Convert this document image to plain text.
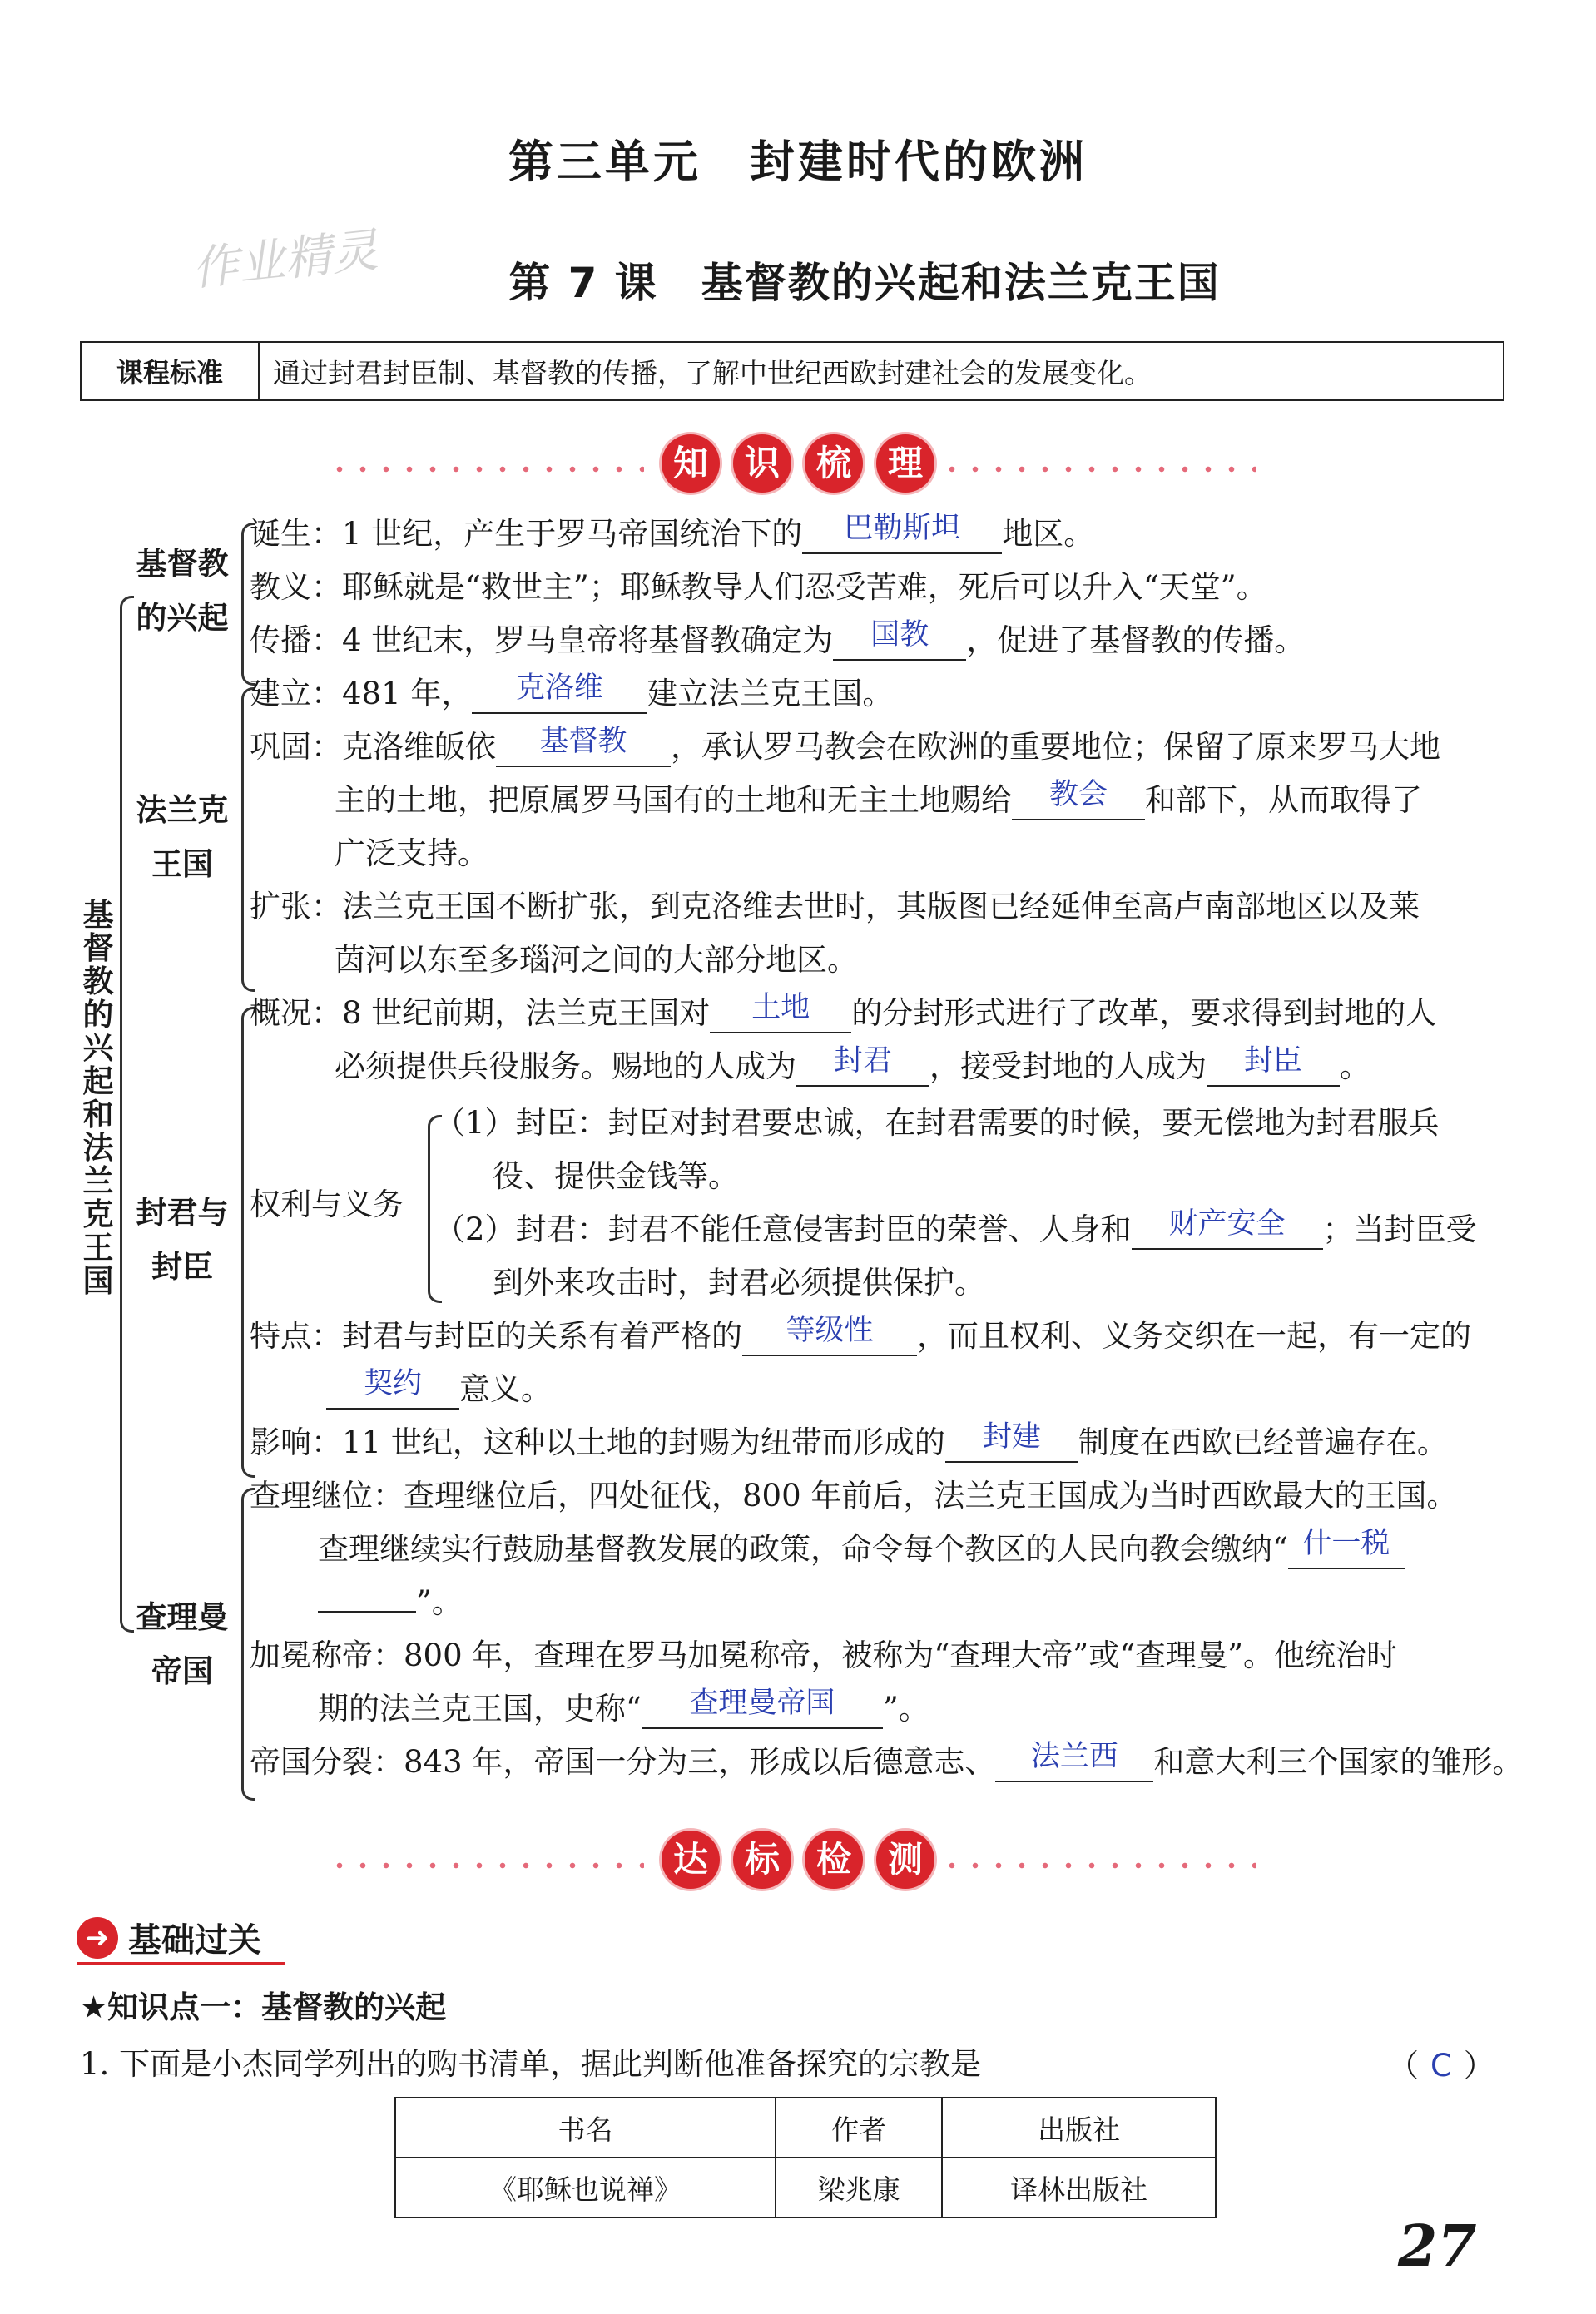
第三单元　封建时代的欧洲
作业精灵	第 7 课　基督教的兴起和法兰克王国
课程标准	通过封君封臣制、基督教的传播，了解中世纪西欧封建社会的发展变化。
知 识 梳 理
基督教的兴起和法兰克王国
基督教的兴起
法兰克王国
封君与封臣
查理曼帝国
诞生：1 世纪，产生于罗马帝国统治下的 巴勒斯坦 地区。
教义：耶稣就是“救世主”；耶稣教导人们忍受苦难，死后可以升入“天堂”。
传播：4 世纪末，罗马皇帝将基督教确定为 国教 ，促进了基督教的传播。
建立：481 年， 克洛维 建立法兰克王国。
巩固：克洛维皈依 基督教 ，承认罗马教会在欧洲的重要地位；保留了原来罗马大地
主的土地，把原属罗马国有的土地和无主土地赐给 教会 和部下，从而取得了
广泛支持。
扩张：法兰克王国不断扩张，到克洛维去世时，其版图已经延伸至高卢南部地区以及莱
茵河以东至多瑙河之间的大部分地区。
概况：8 世纪前期，法兰克王国对 土地 的分封形式进行了改革，要求得到封地的人
必须提供兵役服务。赐地的人成为 封君 ，接受封地的人成为 封臣 。
权利与义务
（1）封臣：封臣对封君要忠诚，在封君需要的时候，要无偿地为封君服兵
役、提供金钱等。
（2）封君：封君不能任意侵害封臣的荣誉、人身和 财产安全 ；当封臣受
到外来攻击时，封君必须提供保护。
特点：封君与封臣的关系有着严格的 等级性 ，而且权利、义务交织在一起，有一定的
契约 意义。
影响：11 世纪，这种以土地的封赐为纽带而形成的 封建 制度在西欧已经普遍存在。
查理继位：查理继位后，四处征伐，800 年前后，法兰克王国成为当时西欧最大的王国。
查理继续实行鼓励基督教发展的政策，命令每个教区的人民向教会缴纳“ 什一税
”。
加冕称帝：800 年，查理在罗马加冕称帝，被称为“查理大帝”或“查理曼”。他统治时
期的法兰克王国，史称“ 查理曼帝国 ”。
帝国分裂：843 年，帝国一分为三，形成以后德意志、 法兰西 和意大利三个国家的雏形。
达 标 检 测
➜ 基础过关
★知识点一：基督教的兴起
1. 下面是小杰同学列出的购书清单，据此判断他准备探究的宗教是	（ C ）
书名	作者	出版社
《耶稣也说禅》	梁兆康	译林出版社
27
